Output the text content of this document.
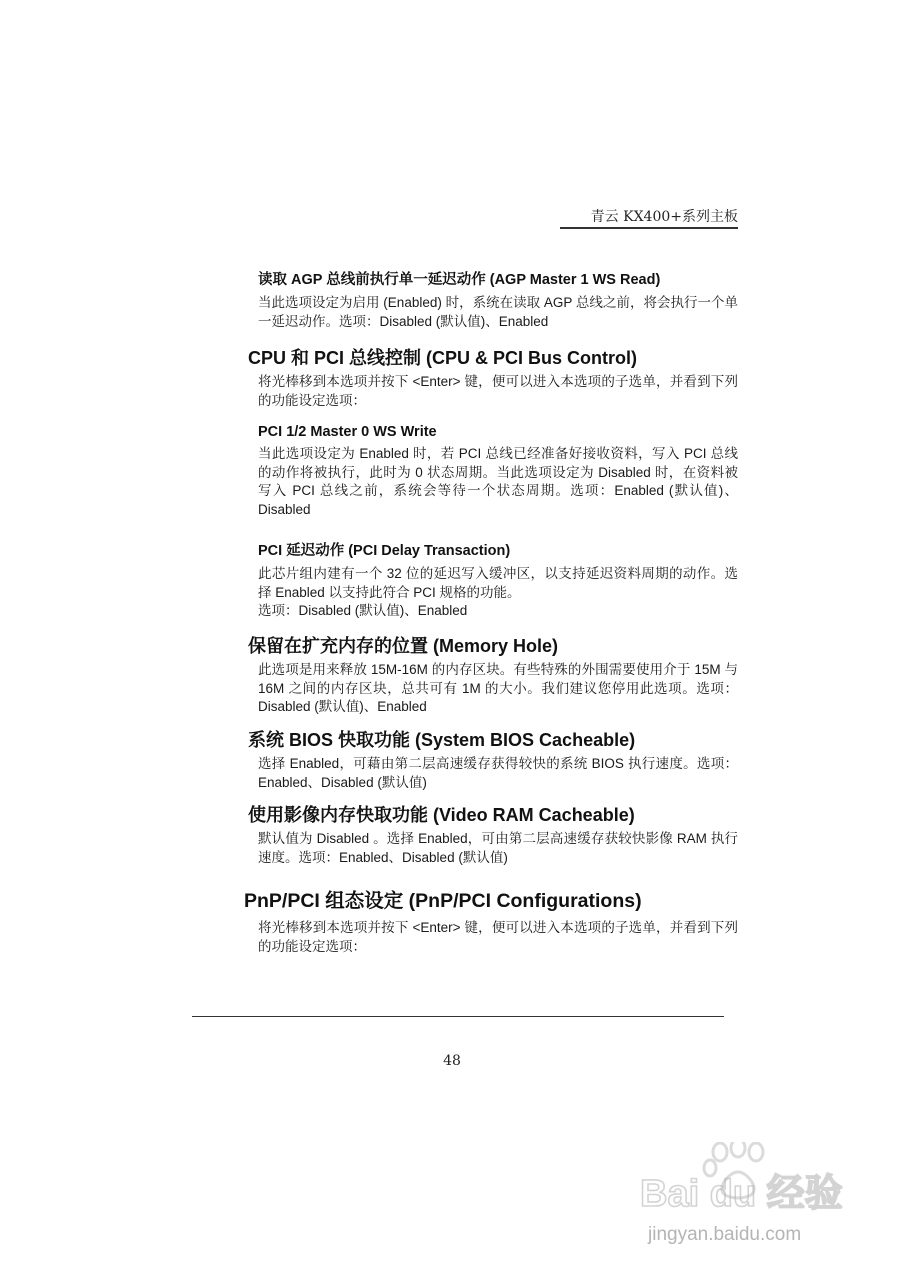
青云 KX400+系列主板
读取 AGP 总线前执行单一延迟动作 (AGP Master 1 WS Read)

当此选项设定为启用 (Enabled) 时，系统在读取 AGP 总线之前，将会执行一个单一延迟动作。选项：Disabled (默认值)、Enabled

CPU 和 PCI 总线控制 (CPU & PCI Bus Control)

将光棒移到本选项并按下 <Enter> 键，便可以进入本选项的子选单，并看到下列的功能设定选项：

PCI 1/2 Master 0 WS Write

当此选项设定为 Enabled 时，若 PCI 总线已经准备好接收资料，写入 PCI 总线的动作将被执行，此时为 0 状态周期。当此选项设定为 Disabled 时，在资料被写入 PCI 总线之前，系统会等待一个状态周期。选项：Enabled (默认值)、Disabled

PCI 延迟动作 (PCI Delay Transaction)

此芯片组内建有一个 32 位的延迟写入缓冲区，以支持延迟资料周期的动作。选择 Enabled 以支持此符合 PCI 规格的功能。

选项：Disabled (默认值)、Enabled

保留在扩充内存的位置 (Memory Hole)

此选项是用来释放 15M-16M 的内存区块。有些特殊的外围需要使用介于 15M 与 16M 之间的内存区块，总共可有 1M 的大小。我们建议您停用此选项。选项：Disabled (默认值)、Enabled

系统 BIOS 快取功能 (System BIOS Cacheable)

选择 Enabled，可藉由第二层高速缓存获得较快的系统 BIOS 执行速度。选项：Enabled、Disabled (默认值)

使用影像内存快取功能 (Video RAM Cacheable)

默认值为 Disabled 。选择 Enabled，可由第二层高速缓存获较快影像 RAM 执行速度。选项：Enabled、Disabled (默认值)

PnP/PCI 组态设定 (PnP/PCI Configurations)

将光棒移到本选项并按下 <Enter> 键，便可以进入本选项的子选单，并看到下列的功能设定选项：

48
Bai du 经验
jingyan.baidu.com
